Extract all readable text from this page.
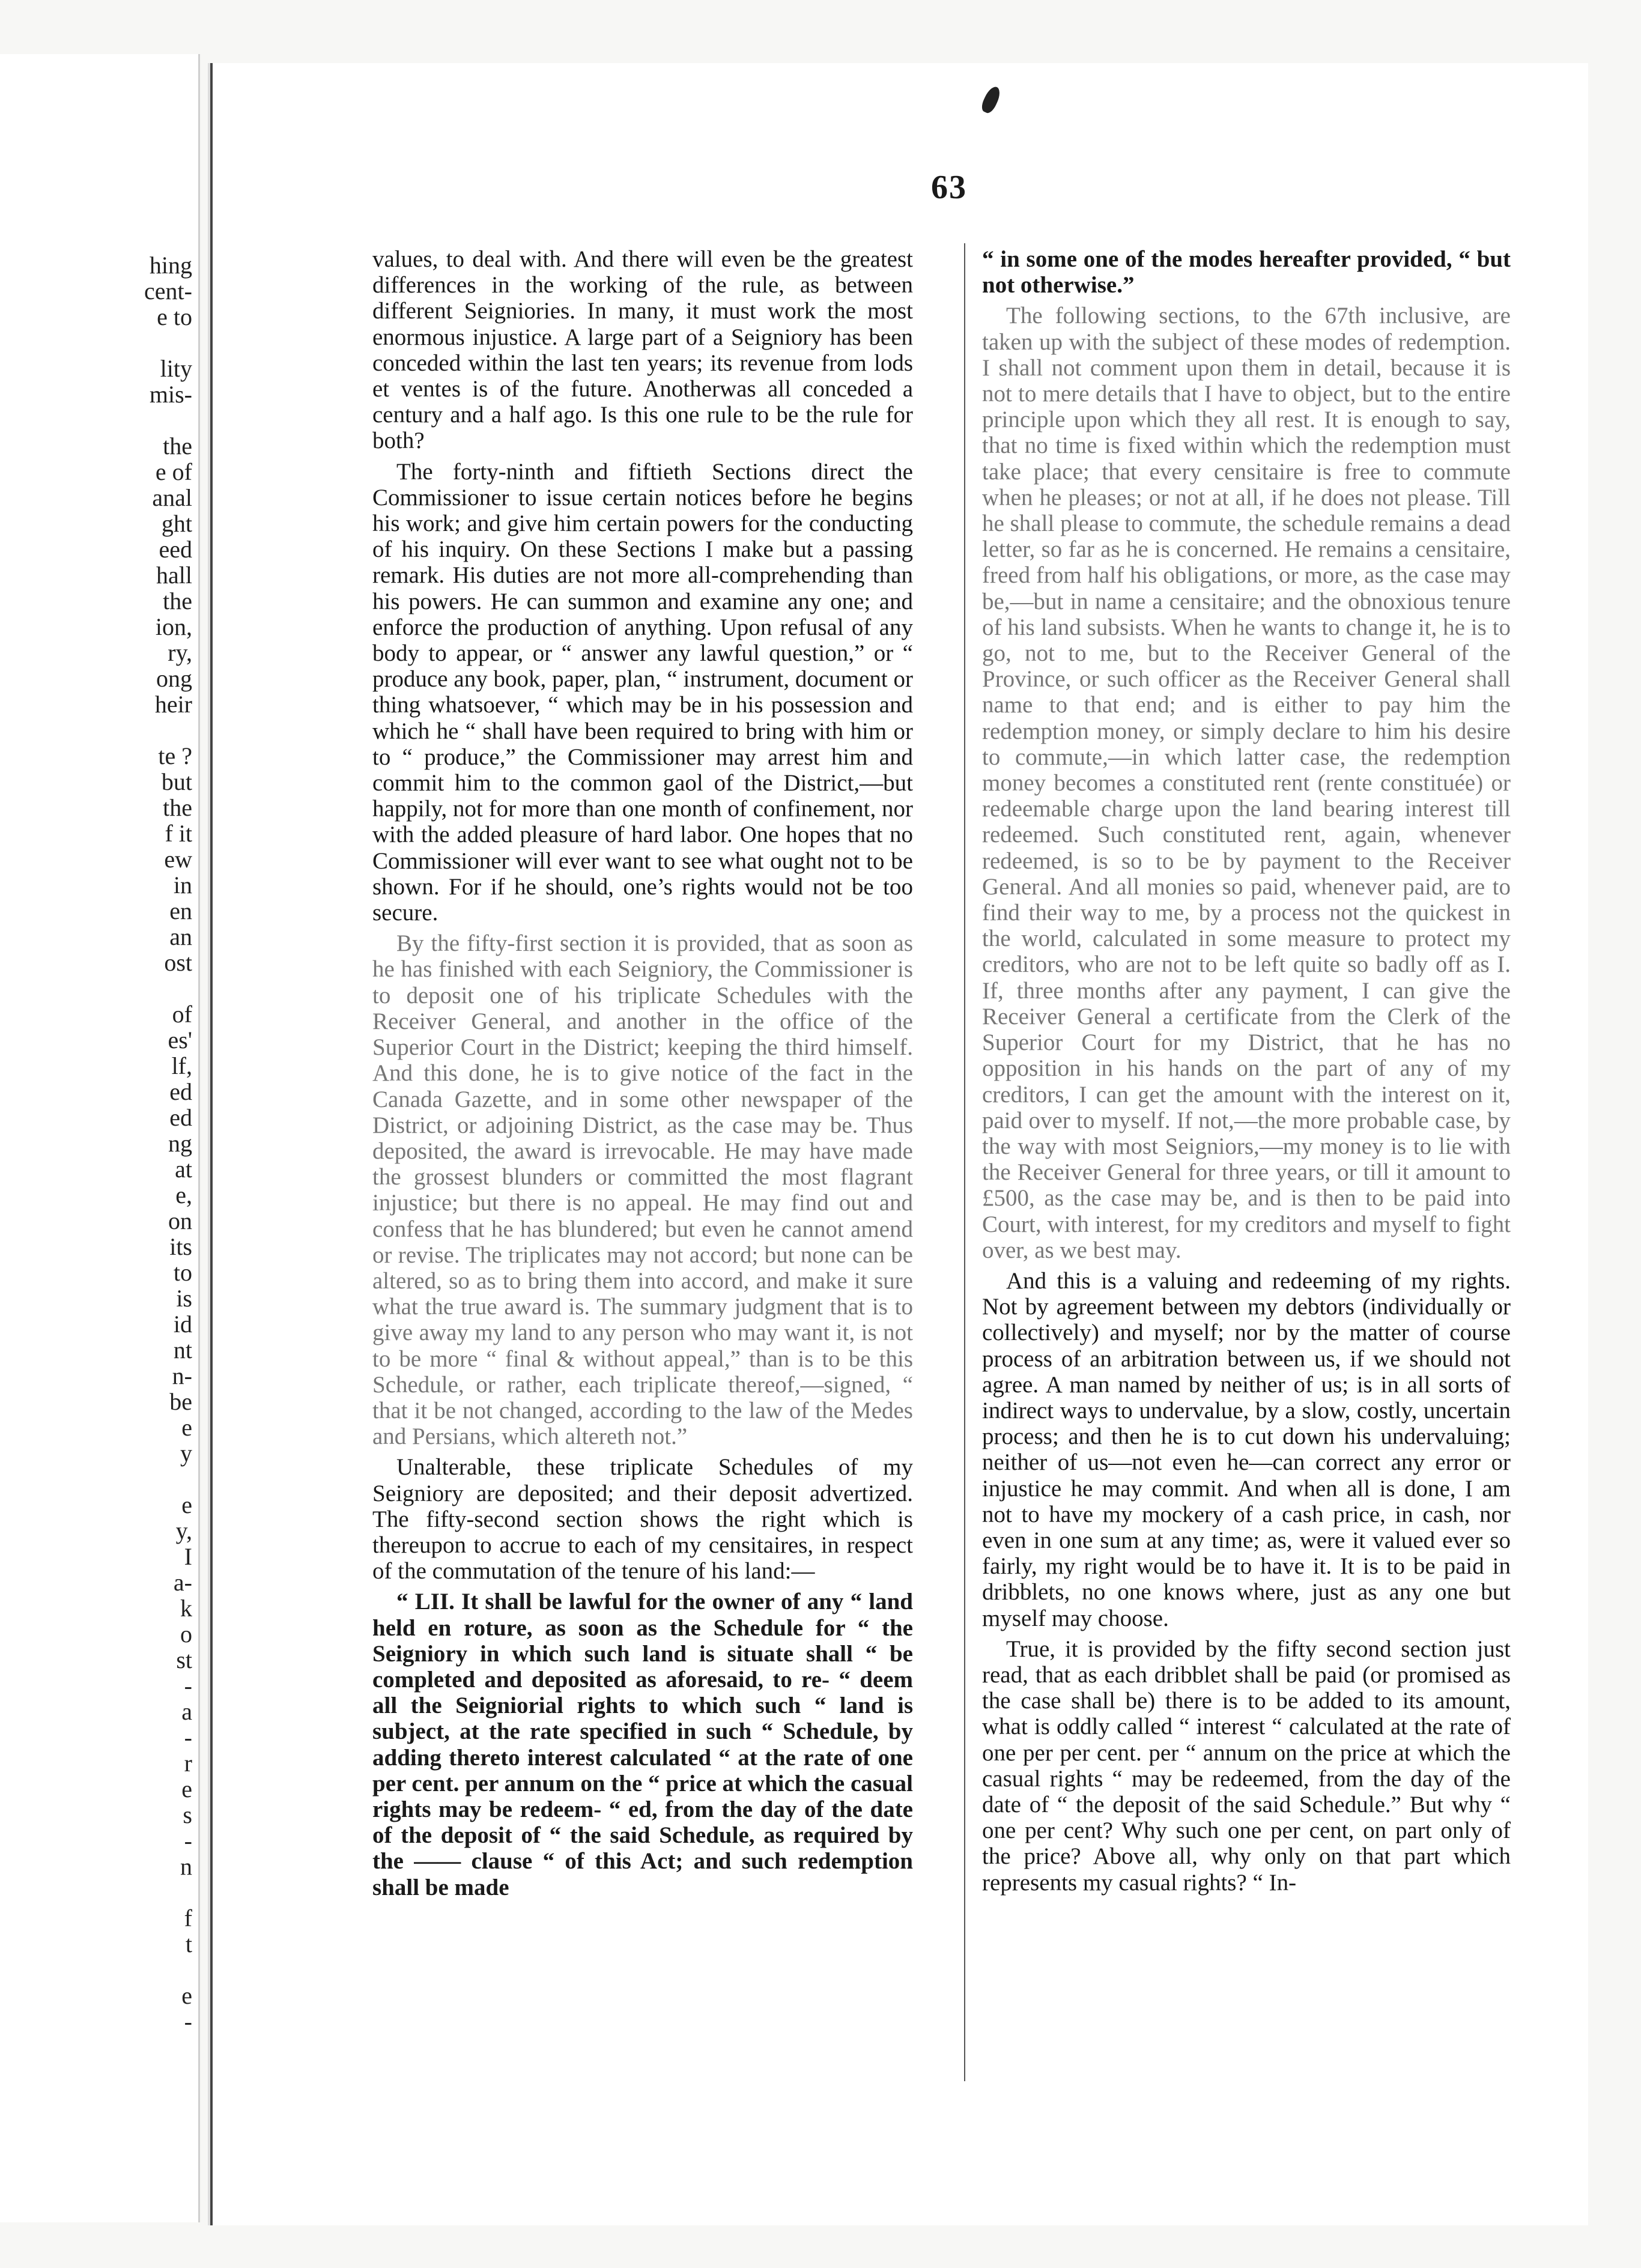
hing
cent-
e to
lity
mis-
the
e of
anal
ght
eed
hall
the
ion,
ry,
ong
heir
te ?
but
the
f it
ew
in
en
an
ost
of
es'
lf,
ed
ed
ng
at
e,
on
its
to
is
id
nt
n-
be
e
y
e
y,
I
a-
k
o
st
-
a
-
r
e
s
-
n
f
t
e
-
63

values, to deal with. And there will even be the greatest differences in the working of the rule, as between different Seigniories. In many, it must work the most enormous injustice. A large part of a Seigniory has been conceded within the last ten years; its revenue from lods et ventes is of the future. Anotherwas all conceded a century and a half ago. Is this one rule to be the rule for both?

The forty-ninth and fiftieth Sections direct the Commissioner to issue certain notices before he begins his work; and give him certain powers for the conducting of his inquiry. On these Sections I make but a passing remark. His duties are not more all-comprehending than his powers. He can summon and examine any one; and enforce the production of anything. Upon refusal of any body to appear, or “ answer any lawful question,” or “ produce any book, paper, plan, “ instrument, document or thing whatsoever, “ which may be in his possession and which he “ shall have been required to bring with him or to “ produce,” the Commissioner may arrest him and commit him to the common gaol of the District,—but happily, not for more than one month of confinement, nor with the added pleasure of hard labor. One hopes that no Commissioner will ever want to see what ought not to be shown. For if he should, one’s rights would not be too secure.

By the fifty-first section it is provided, that as soon as he has finished with each Seigniory, the Commissioner is to deposit one of his triplicate Schedules with the Receiver General, and another in the office of the Superior Court in the District; keeping the third himself. And this done, he is to give notice of the fact in the Canada Gazette, and in some other newspaper of the District, or adjoining District, as the case may be. Thus deposited, the award is irrevocable. He may have made the grossest blunders or committed the most flagrant injustice; but there is no appeal. He may find out and confess that he has blundered; but even he cannot amend or revise. The triplicates may not accord; but none can be altered, so as to bring them into accord, and make it sure what the true award is. The summary judgment that is to give away my land to any person who may want it, is not to be more “ final & without appeal,” than is to be this Schedule, or rather, each triplicate thereof,—signed, “ that it be not changed, according to the law of the Medes and Persians, which altereth not.”

Unalterable, these triplicate Schedules of my Seigniory are deposited; and their deposit advertized. The fifty-second section shows the right which is thereupon to accrue to each of my censitaires, in respect of the commutation of the tenure of his land:—

“ LII. It shall be lawful for the owner of any “ land held en roture, as soon as the Schedule for “ the Seigniory in which such land is situate shall “ be completed and deposited as aforesaid, to re- “ deem all the Seigniorial rights to which such “ land is subject, at the rate specified in such “ Schedule, by adding thereto interest calculated “ at the rate of one per cent. per annum on the “ price at which the casual rights may be redeem- “ ed, from the day of the date of the deposit of “ the said Schedule, as required by the —— clause “ of this Act; and such redemption shall be made

“ in some one of the modes hereafter provided, “ but not otherwise.”

The following sections, to the 67th inclusive, are taken up with the subject of these modes of redemption. I shall not comment upon them in detail, because it is not to mere details that I have to object, but to the entire principle upon which they all rest. It is enough to say, that no time is fixed within which the redemption must take place; that every censitaire is free to commute when he pleases; or not at all, if he does not please. Till he shall please to commute, the schedule remains a dead letter, so far as he is concerned. He remains a censitaire, freed from half his obligations, or more, as the case may be,—but in name a censitaire; and the obnoxious tenure of his land subsists. When he wants to change it, he is to go, not to me, but to the Receiver General of the Province, or such officer as the Receiver General shall name to that end; and is either to pay him the redemption money, or simply declare to him his desire to commute,—in which latter case, the redemption money becomes a constituted rent (rente constituée) or redeemable charge upon the land bearing interest till redeemed. Such constituted rent, again, whenever redeemed, is so to be by payment to the Receiver General. And all monies so paid, whenever paid, are to find their way to me, by a process not the quickest in the world, calculated in some measure to protect my creditors, who are not to be left quite so badly off as I. If, three months after any payment, I can give the Receiver General a certificate from the Clerk of the Superior Court for my District, that he has no opposition in his hands on the part of any of my creditors, I can get the amount with the interest on it, paid over to myself. If not,—the more probable case, by the way with most Seigniors,—my money is to lie with the Receiver General for three years, or till it amount to £500, as the case may be, and is then to be paid into Court, with interest, for my creditors and myself to fight over, as we best may.

And this is a valuing and redeeming of my rights. Not by agreement between my debtors (individually or collectively) and myself; nor by the matter of course process of an arbitration between us, if we should not agree. A man named by neither of us; is in all sorts of indirect ways to undervalue, by a slow, costly, uncertain process; and then he is to cut down his undervaluing; neither of us—not even he—can correct any error or injustice he may commit. And when all is done, I am not to have my mockery of a cash price, in cash, nor even in one sum at any time; as, were it valued ever so fairly, my right would be to have it. It is to be paid in dribblets, no one knows where, just as any one but myself may choose.

True, it is provided by the fifty second section just read, that as each dribblet shall be paid (or promised as the case shall be) there is to be added to its amount, what is oddly called “ interest “ calculated at the rate of one per per cent. per “ annum on the price at which the casual rights “ may be redeemed, from the day of the date of “ the deposit of the said Schedule.” But why “ one per cent? Why such one per cent, on part only of the price? Above all, why only on that part which represents my casual rights? “ In-
